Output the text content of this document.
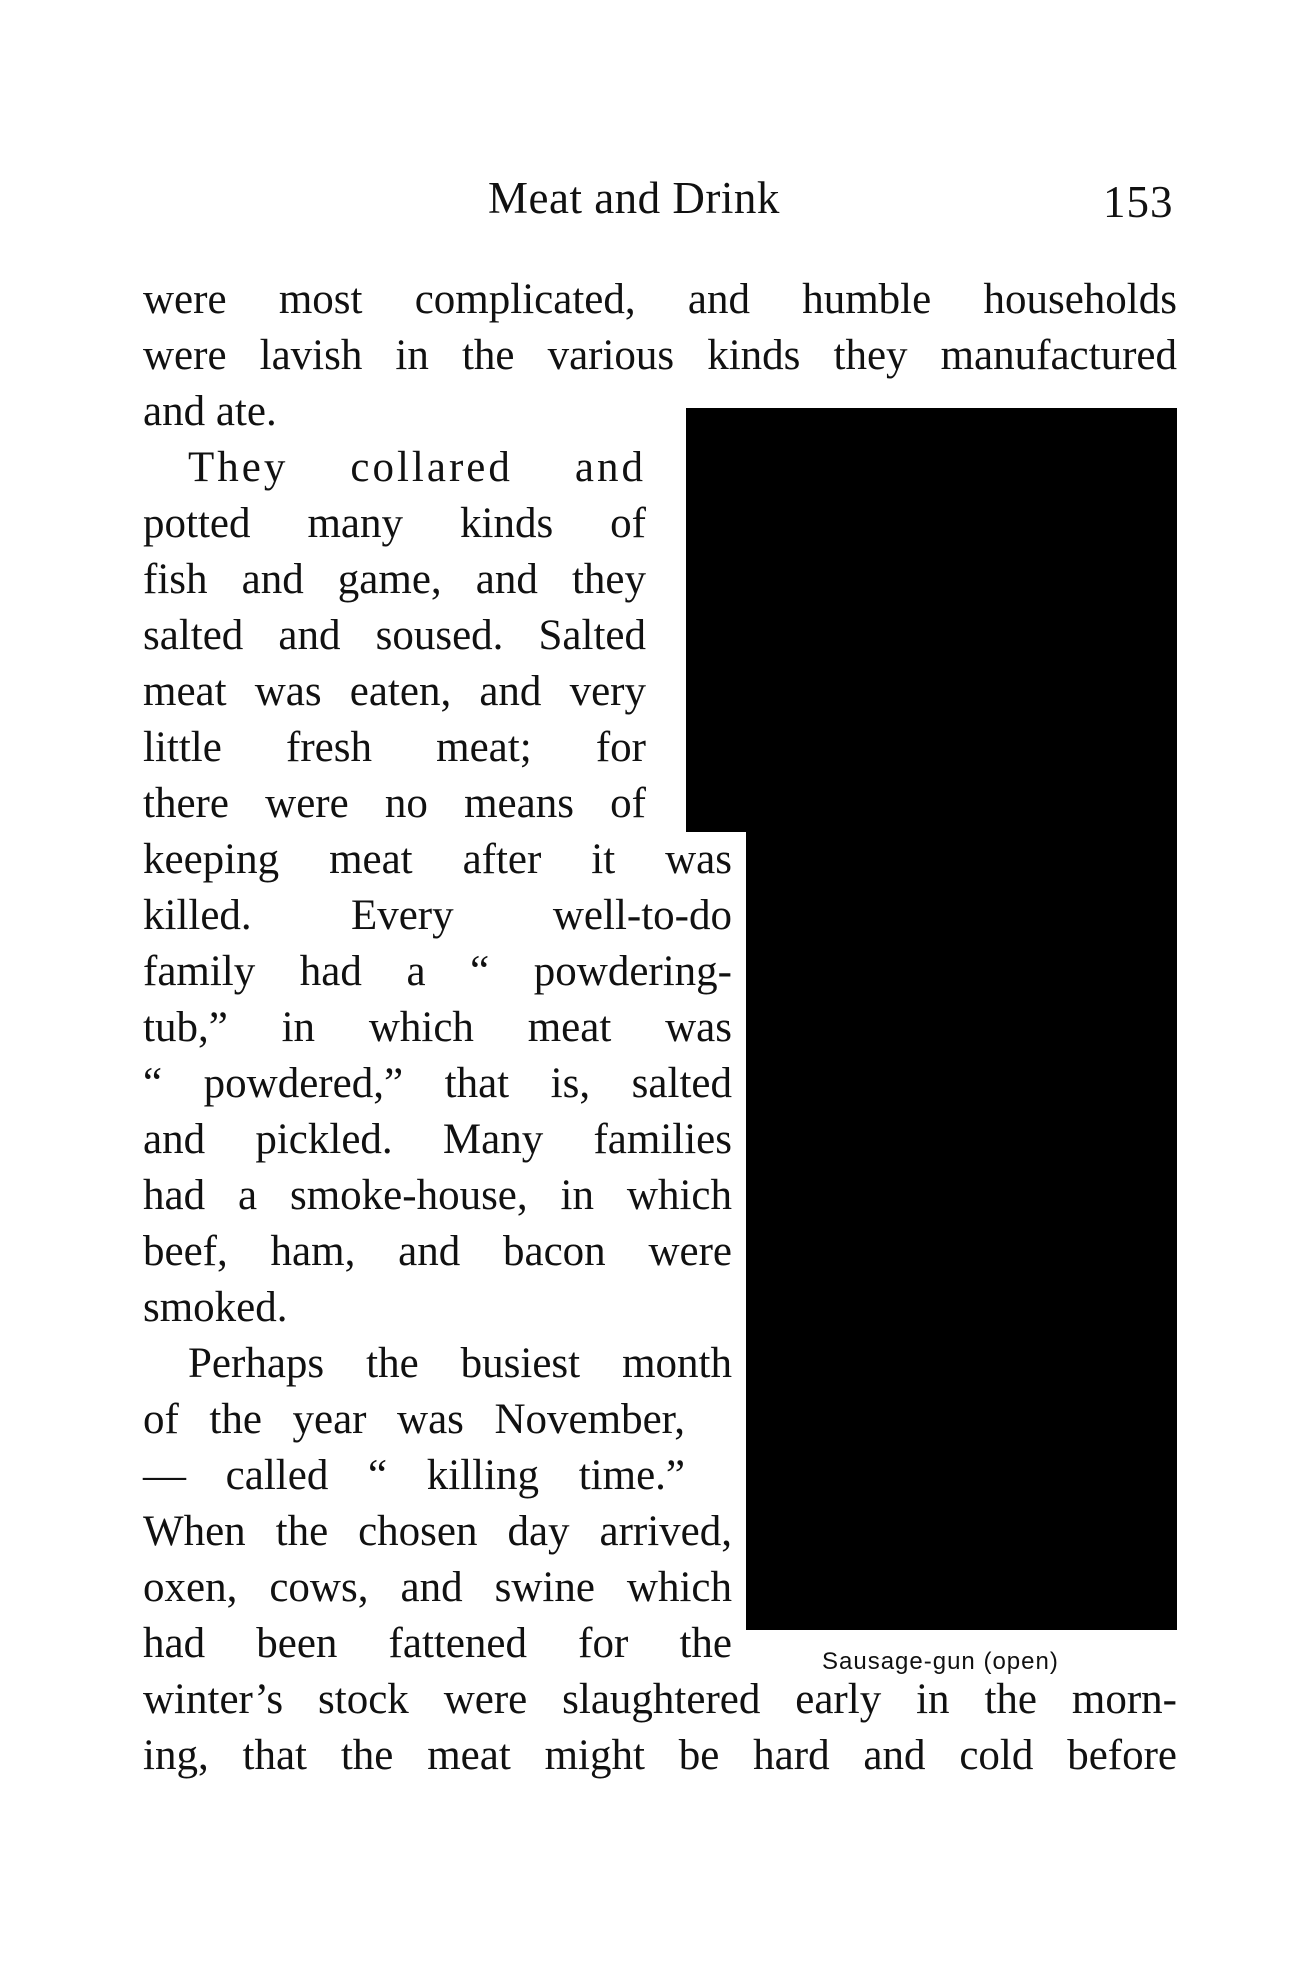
Meat and Drink	153
were most complicated, and humble households
were lavish in the various kinds they manufactured
and ate.
They collared and
potted many kinds of
fish and game, and they
salted and soused. Salted
meat was eaten, and very
little fresh meat; for
there were no means of
keeping meat after it was
killed. Every well-to-do
family had a “ powdering-
tub,” in which meat was
“ powdered,” that is, salted
and pickled. Many families
had a smoke-house, in which
beef, ham, and bacon were
smoked.
Perhaps the busiest month
of the year was November,
— called “ killing time.”
When the chosen day arrived,
oxen, cows, and swine which
had been fattened for the
winter’s stock were slaughtered early in the morn-
ing, that the meat might be hard and cold before
Sausage-gun (open)
